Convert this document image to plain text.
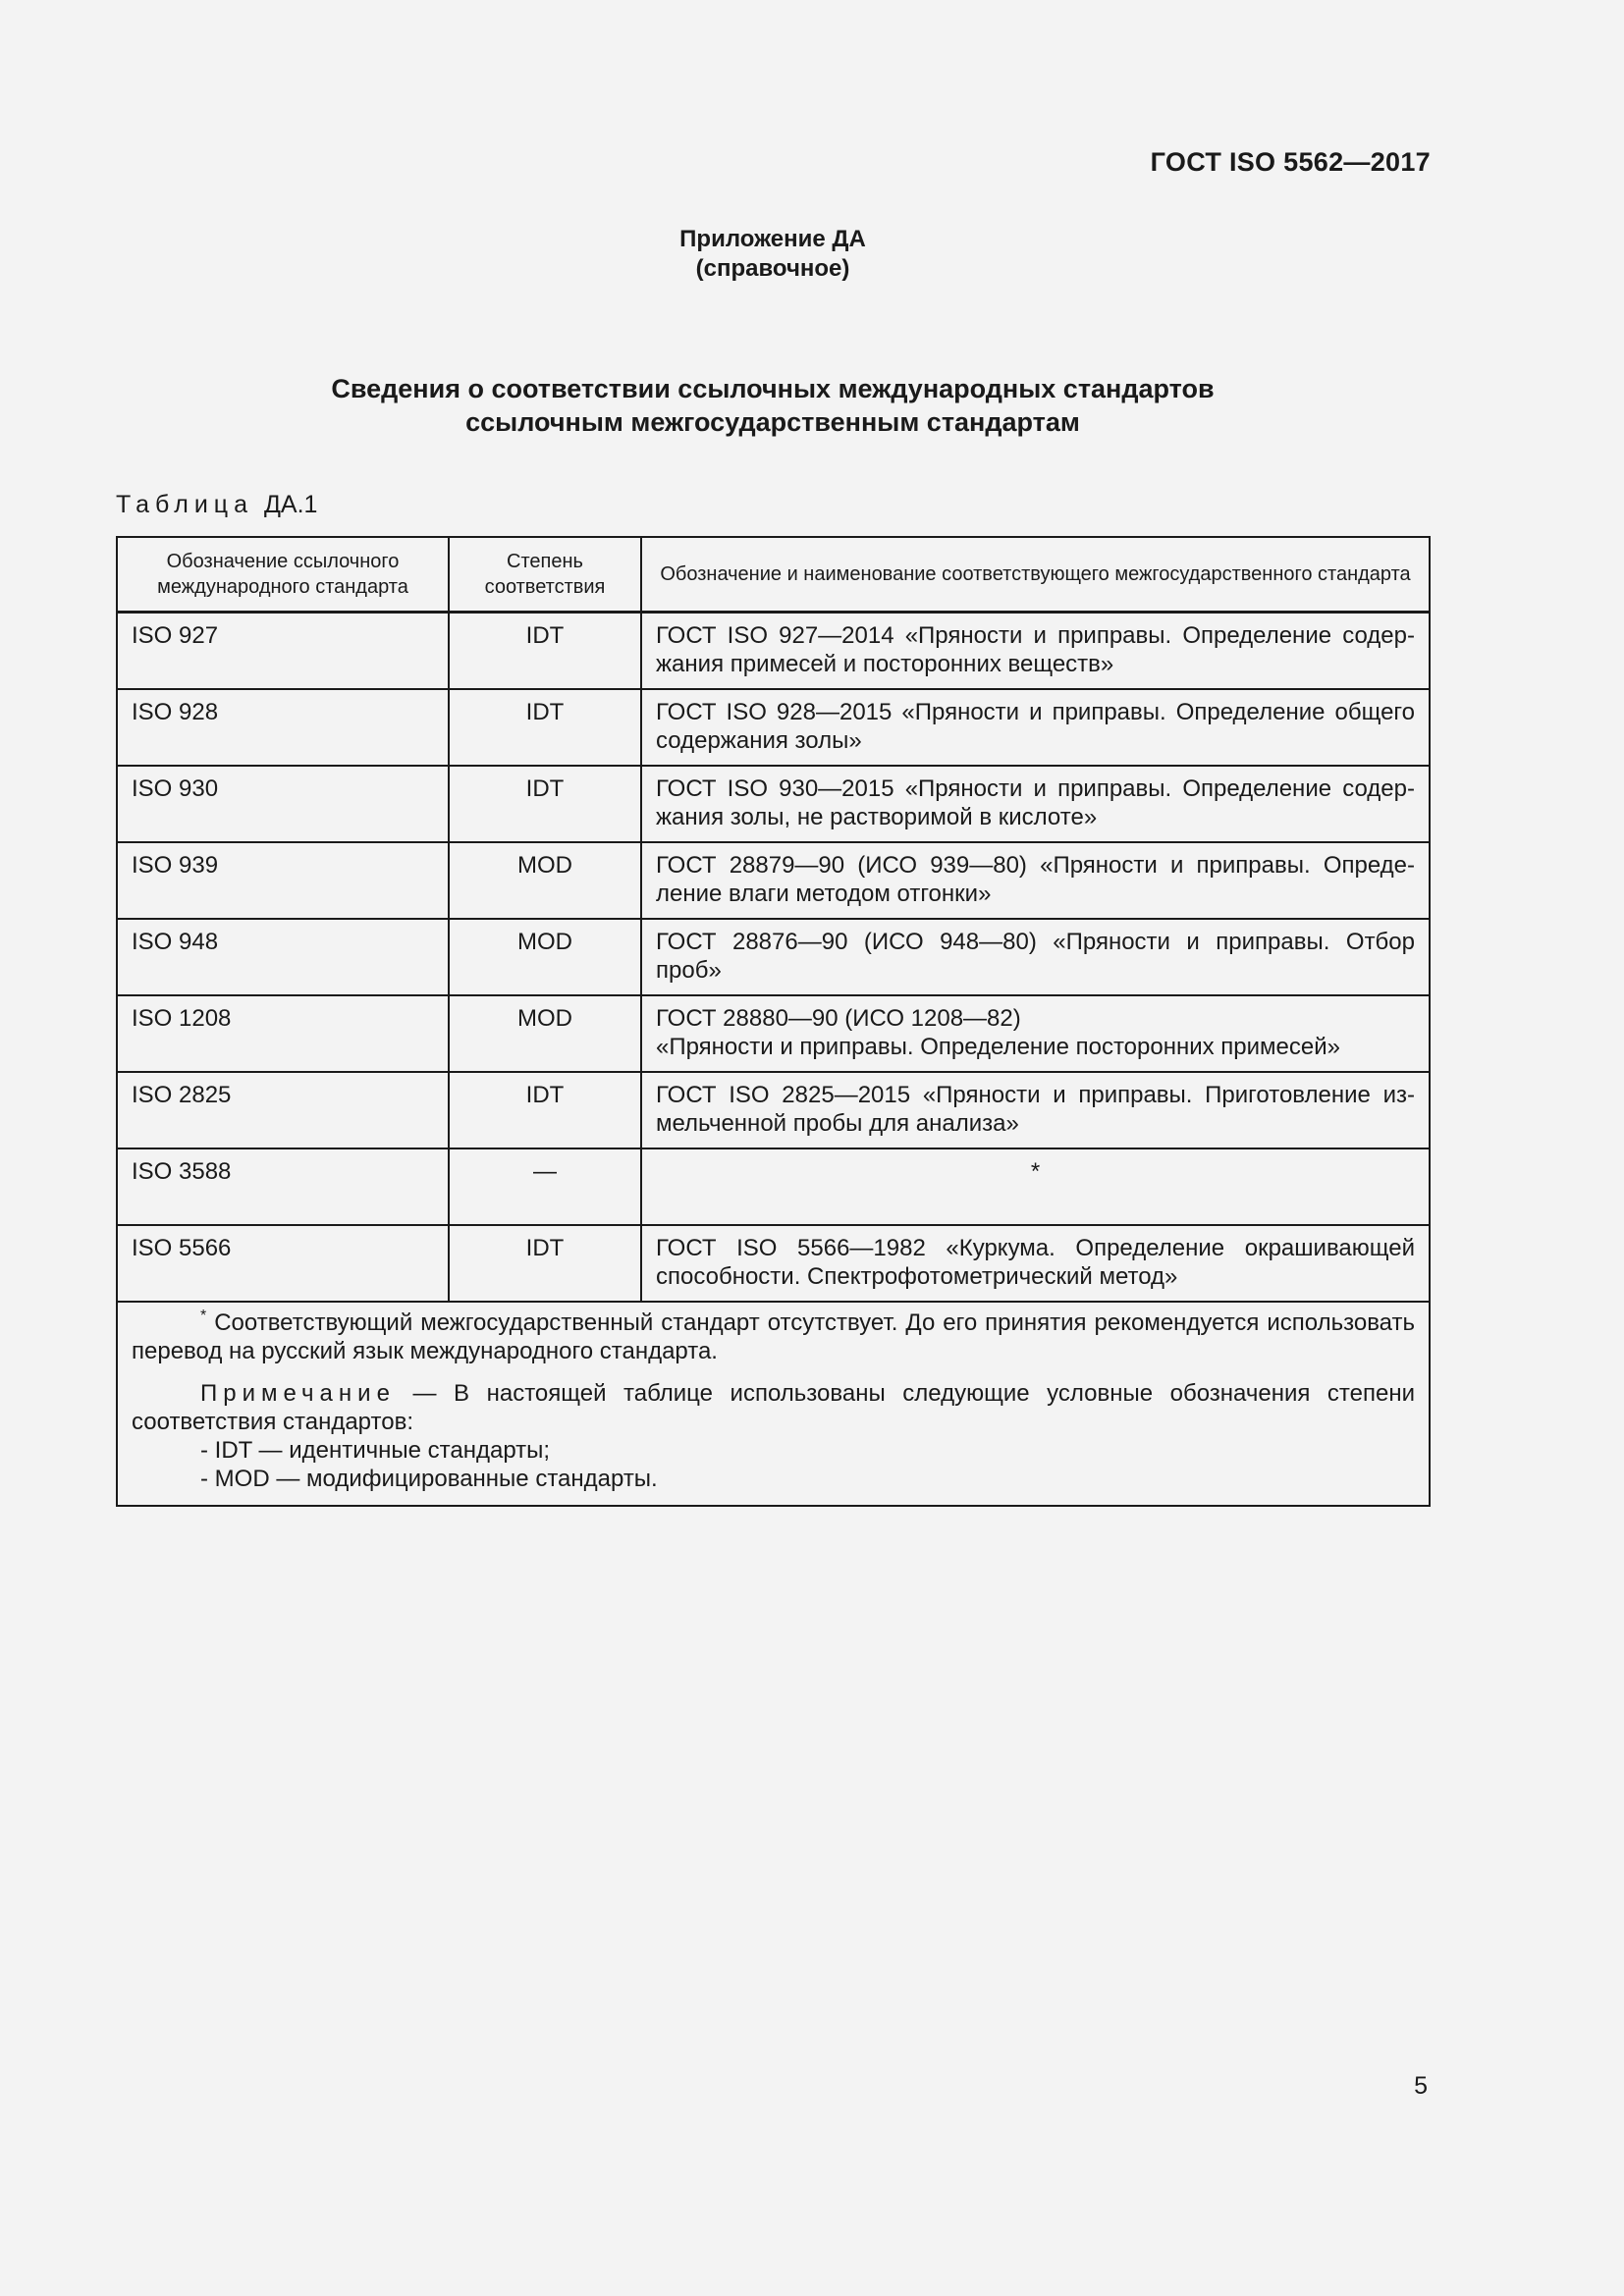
ГОСТ ISO 5562—2017
Приложение ДА
(справочное)
Сведения о соответствии ссылочных международных стандартов
ссылочным межгосударственным стандартам
Таблица ДА.1
Обозначение ссылочного международного стандарта	Степень соответствия	Обозначение и наименование соответствующего межгосударственного стандарта
ISO 927	IDT	ГОСТ ISO 927—2014 «Пряности и приправы. Определение содержания примесей и посторонних веществ»
ISO 928	IDT	ГОСТ ISO 928—2015 «Пряности и приправы. Определение общего содержания золы»
ISO 930	IDT	ГОСТ ISO 930—2015 «Пряности и приправы. Определение содержания золы, не растворимой в кислоте»
ISO 939	MOD	ГОСТ 28879—90 (ИСО 939—80) «Пряности и приправы. Определение влаги методом отгонки»
ISO 948	MOD	ГОСТ 28876—90 (ИСО 948—80) «Пряности и приправы. Отбор проб»
ISO 1208	MOD	ГОСТ 28880—90 (ИСО 1208—82)
«Пряности и приправы. Определение посторонних примесей»

ISO 2825	IDT	ГОСТ ISO 2825—2015 «Пряности и приправы. Приготовление измельченной пробы для анализа»
ISO 3588	—	*
ISO 5566	IDT	ГОСТ ISO 5566—1982 «Куркума. Определение окрашивающей способности. Спектрофотометрический метод»

* Соответствующий межгосударственный стандарт отсутствует. До его принятия рекомендуется использовать перевод на русский язык международного стандарта.

Примечание — В настоящей таблице использованы следующие условные обозначения степени соответствия стандартов:

- IDT — идентичные стандарты;
- MOD — модифицированные стандарты.		
5
